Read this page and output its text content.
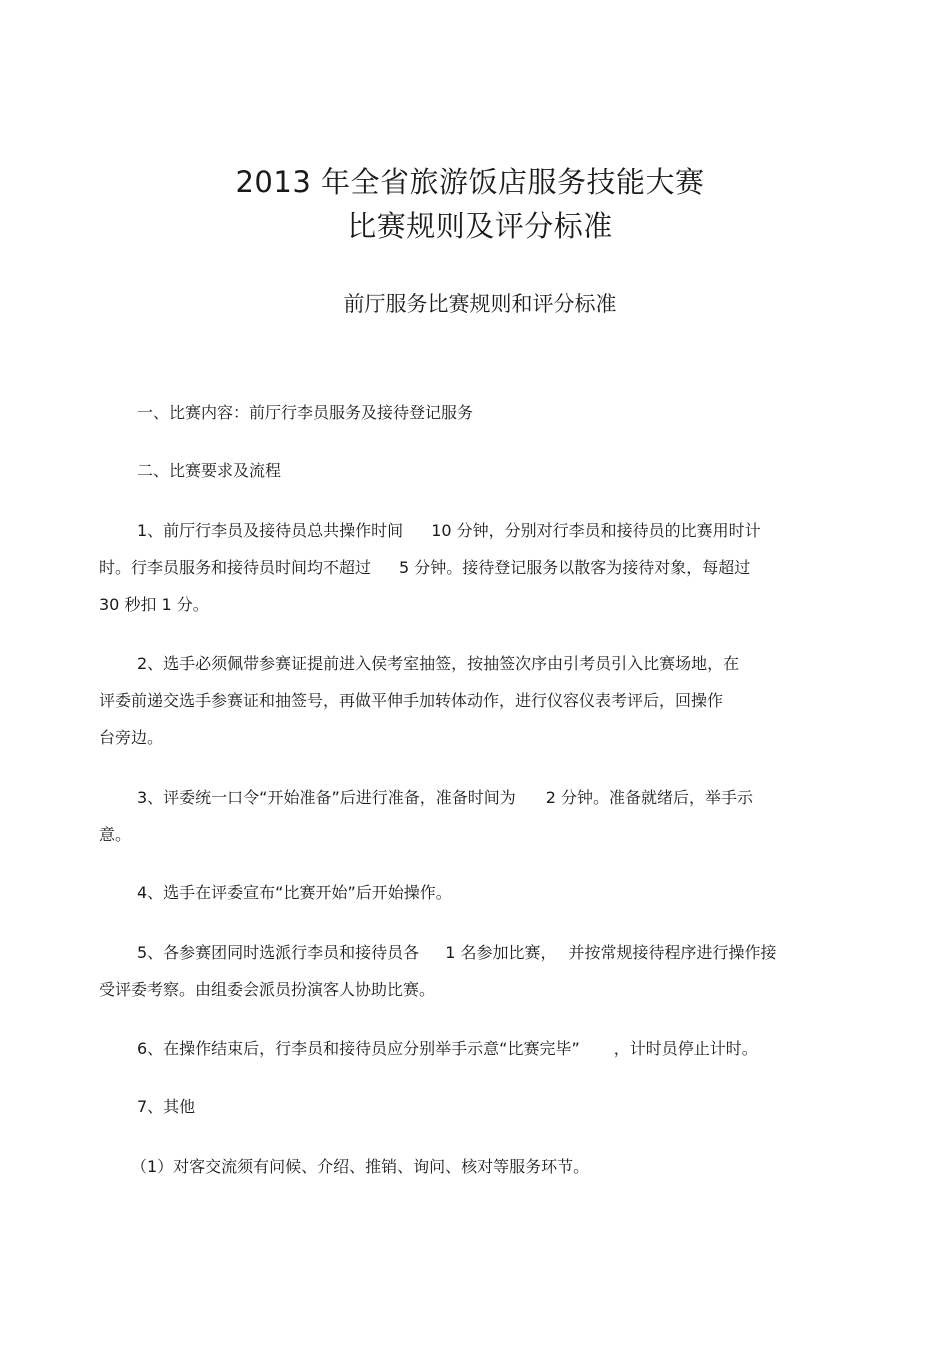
2013 年全省旅游饭店服务技能大赛
比赛规则及评分标准
前厅服务比赛规则和评分标准
一、比赛内容：前厅行李员服务及接待登记服务
二、比赛要求及流程
1、前厅行李员及接待员总共操作时间 10 分钟，分别对行李员和接待员的比赛用时计
时。行李员服务和接待员时间均不超过 5 分钟。接待登记服务以散客为接待对象，每超过
30 秒扣 1 分。
2、选手必须佩带参赛证提前进入侯考室抽签，按抽签次序由引考员引入比赛场地，在
评委前递交选手参赛证和抽签号，再做平伸手加转体动作，进行仪容仪表考评后，回操作
台旁边。
3、评委统一口令“开始准备”后进行准备，准备时间为 2 分钟。准备就绪后，举手示
意。
4、选手在评委宣布“比赛开始”后开始操作。
5、各参赛团同时选派行李员和接待员各 1 名参加比赛， 并按常规接待程序进行操作接
受评委考察。由组委会派员扮演客人协助比赛。
6、在操作结束后，行李员和接待员应分别举手示意“比赛完毕” ，计时员停止计时。
7、其他
（1）对客交流须有问候、介绍、推销、询问、核对等服务环节。
